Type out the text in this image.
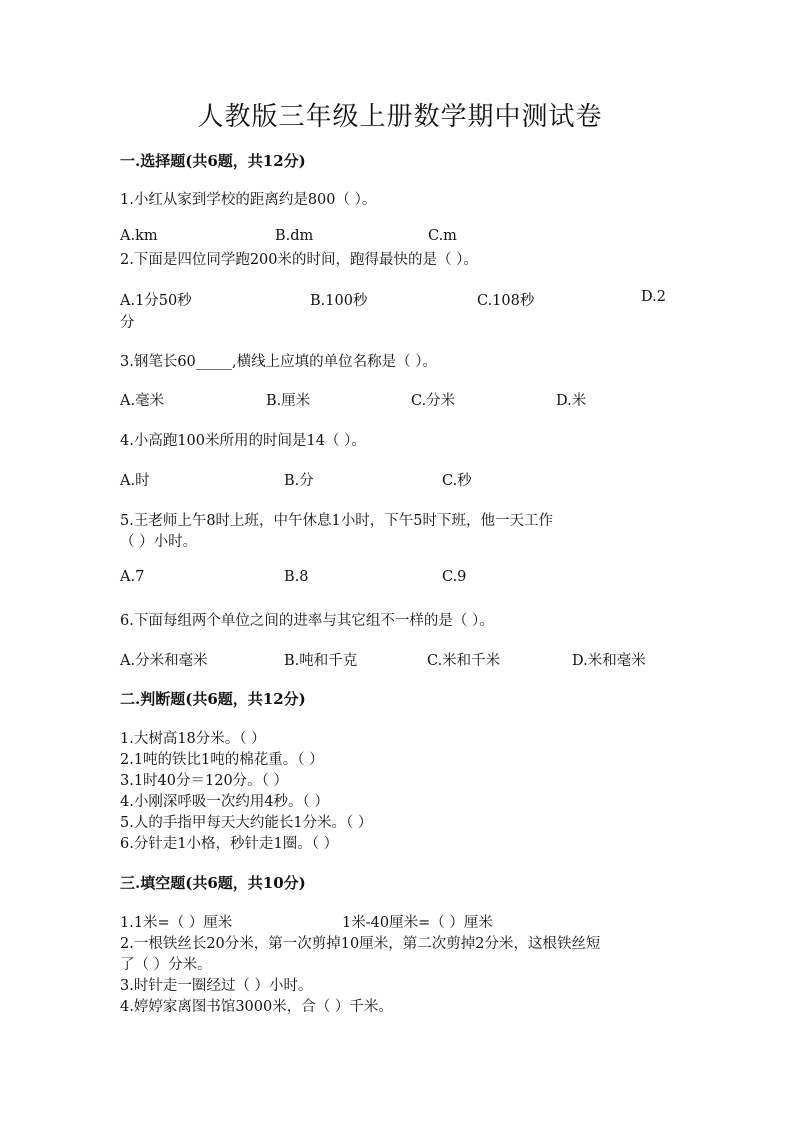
人教版三年级上册数学期中测试卷
一.选择题(共6题，共12分)
1.小红从家到学校的距离约是800（ ）。
A.km	B.dm	C.m
2.下面是四位同学跑200米的时间，跑得最快的是（ ）。
A.1分50秒	B.100秒	C.108秒	D.2
分
3.钢笔长60_____,横线上应填的单位名称是（ ）。
A.毫米	B.厘米	C.分米	D.米
4.小高跑100米所用的时间是14（ ）。
A.时	B.分	C.秒
5.王老师上午8时上班，中午休息1小时，下午5时下班，他一天工作
（ ）小时。
A.7	B.8	C.9
6.下面每组两个单位之间的进率与其它组不一样的是（ ）。
A.分米和毫米	B.吨和千克	C.米和千米	D.米和毫米
二.判断题(共6题，共12分)
1.大树高18分米。（ ）
2.1吨的铁比1吨的棉花重。（ ）
3.1时40分＝120分。（ ）
4.小刚深呼吸一次约用4秒。（ ）
5.人的手指甲每天大约能长1分米。（ ）
6.分针走1小格，秒针走1圈。（ ）
三.填空题(共6题，共10分)
1.1米=（ ）厘米	1米-40厘米=（ ）厘米
2.一根铁丝长20分米，第一次剪掉10厘米，第二次剪掉2分米，这根铁丝短
了（ ）分米。
3.时针走一圈经过（ ）小时。
4.婷婷家离图书馆3000米，合（ ）千米。
